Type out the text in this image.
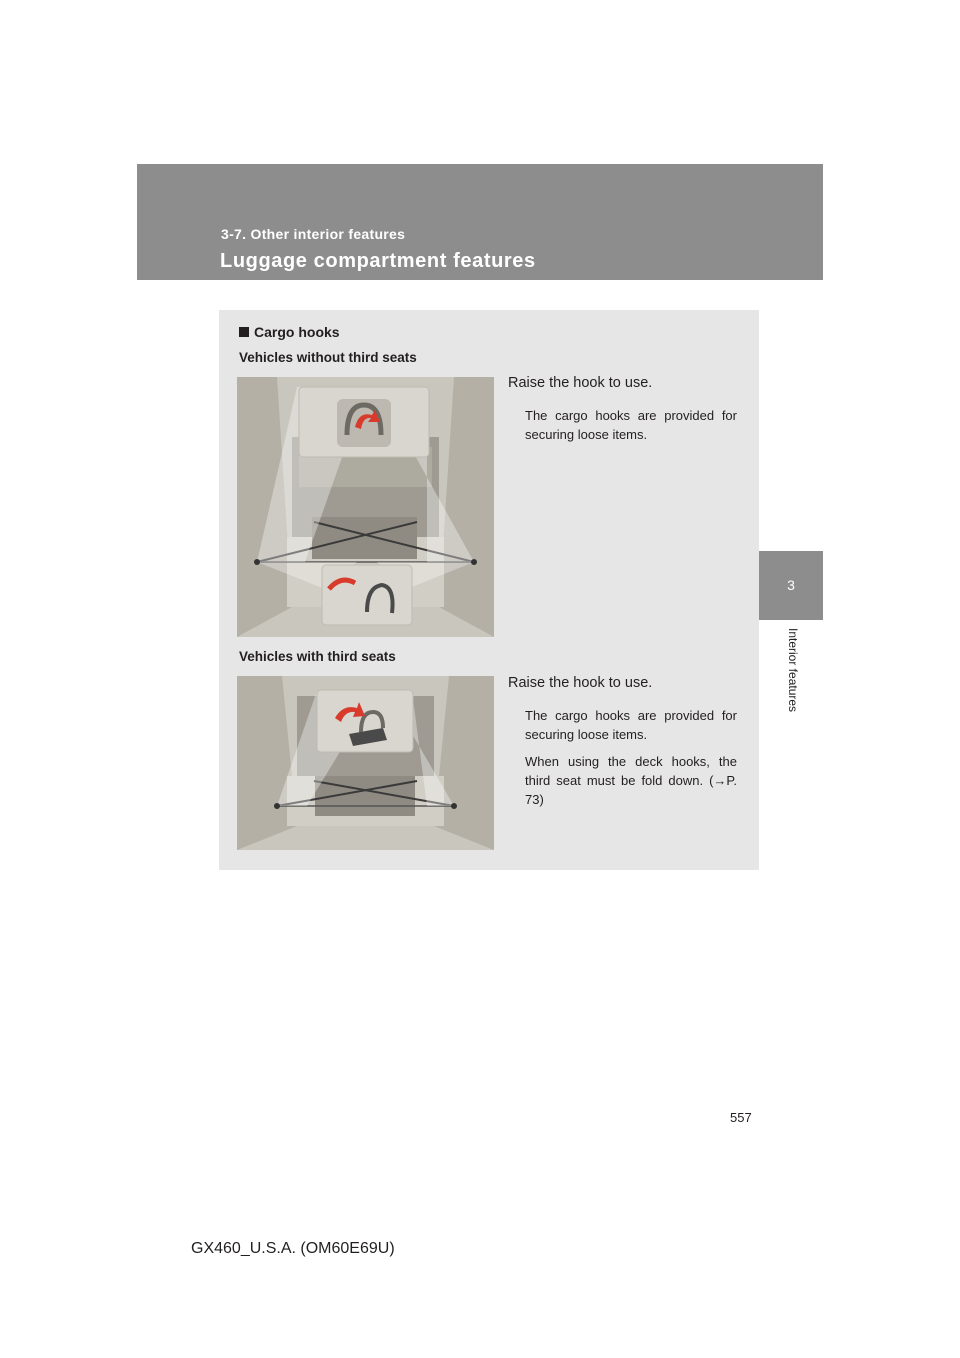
3-7. Other interior features
Luggage compartment features
3
Interior features
Cargo hooks
Vehicles without third seats
Raise the hook to use.

The cargo hooks are provided for securing loose items.

Vehicles with third seats
Raise the hook to use.

The cargo hooks are provided for securing loose items.

When using the deck hooks, the third seat must be fold down. (→P. 73)

557
GX460_U.S.A. (OM60E69U)
